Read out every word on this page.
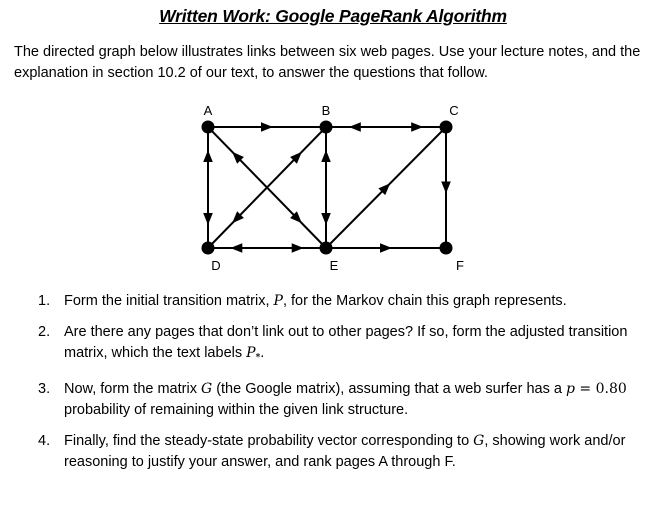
Written Work: Google PageRank Algorithm
The directed graph below illustrates links between six web pages. Use your lecture notes, and the explanation in section 10.2 of our text, to answer the questions that follow.
A	B	C
D	E	F
1. Form the initial transition matrix, P, for the Markov chain this graph represents.
2. Are there any pages that don’t link out to other pages? If so, form the adjusted transition matrix, which the text labels $P_*$.
3. Now, form the matrix G (the Google matrix), assuming that a web surfer has a p = 0.80 probability of remaining within the given link structure.
4. Finally, find the steady-state probability vector corresponding to G, showing work and/or reasoning to justify your answer, and rank pages A through F.
